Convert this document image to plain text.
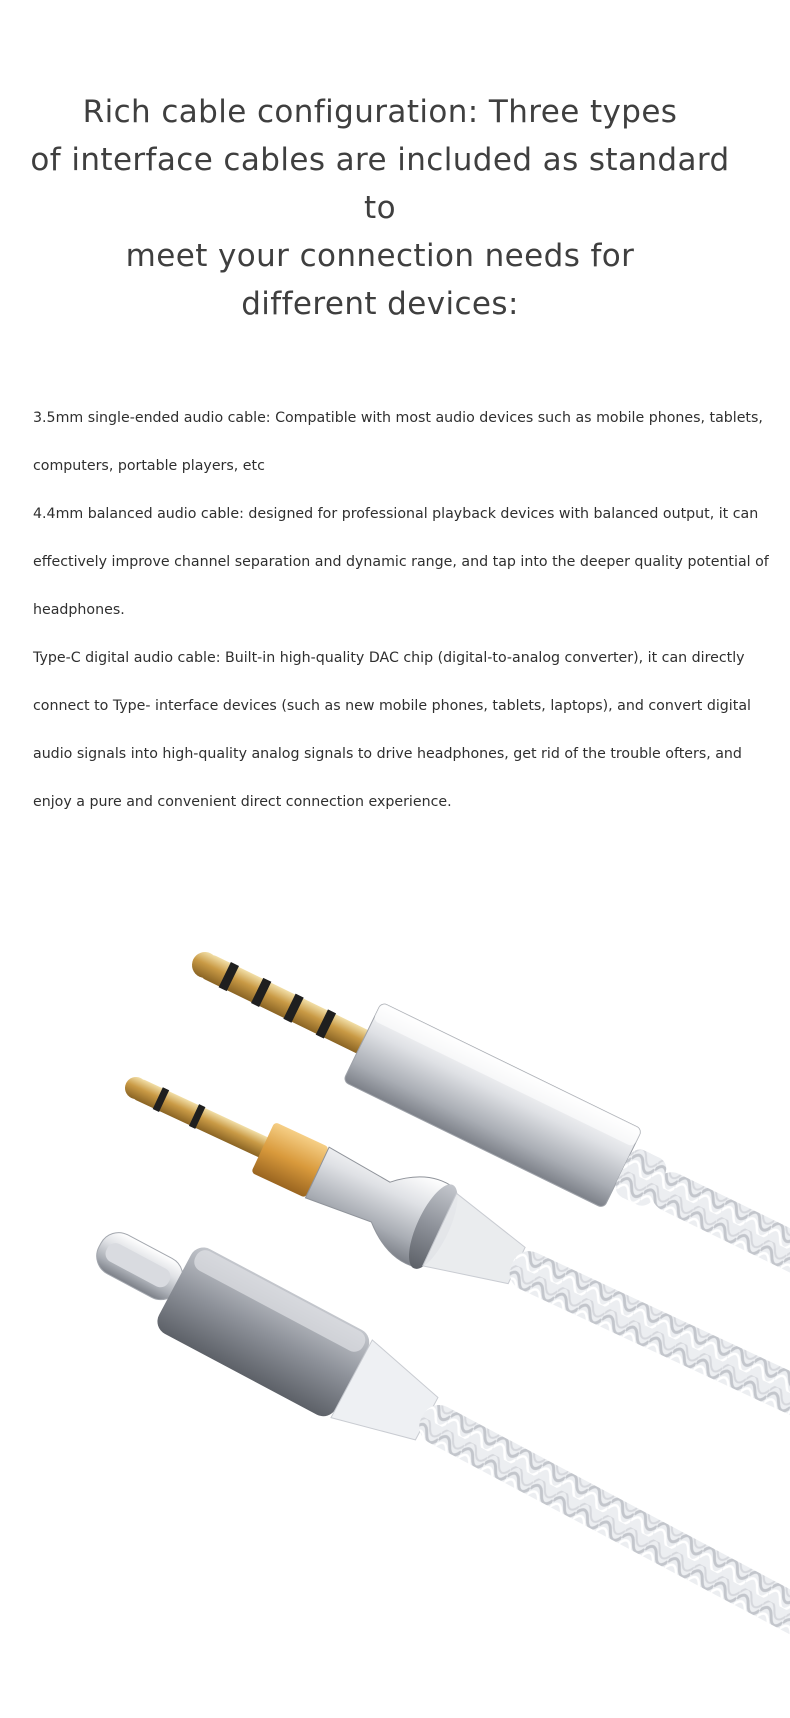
Rich cable configuration: Three types
of interface cables are included as standard to
meet your connection needs for
different devices:
3.5mm single-ended audio cable: Compatible with most audio devices such as mobile phones, tablets,
computers, portable players, etc
4.4mm balanced audio cable: designed for professional playback devices with balanced output, it can
effectively improve channel separation and dynamic range, and tap into the deeper quality potential of
headphones.
Type-C digital audio cable: Built-in high-quality DAC chip (digital-to-analog converter), it can directly
connect to Type- interface devices (such as new mobile phones, tablets, laptops), and convert digital
audio signals into high-quality analog signals to drive headphones, get rid of the trouble ofters, and
enjoy a pure and convenient direct connection experience.
